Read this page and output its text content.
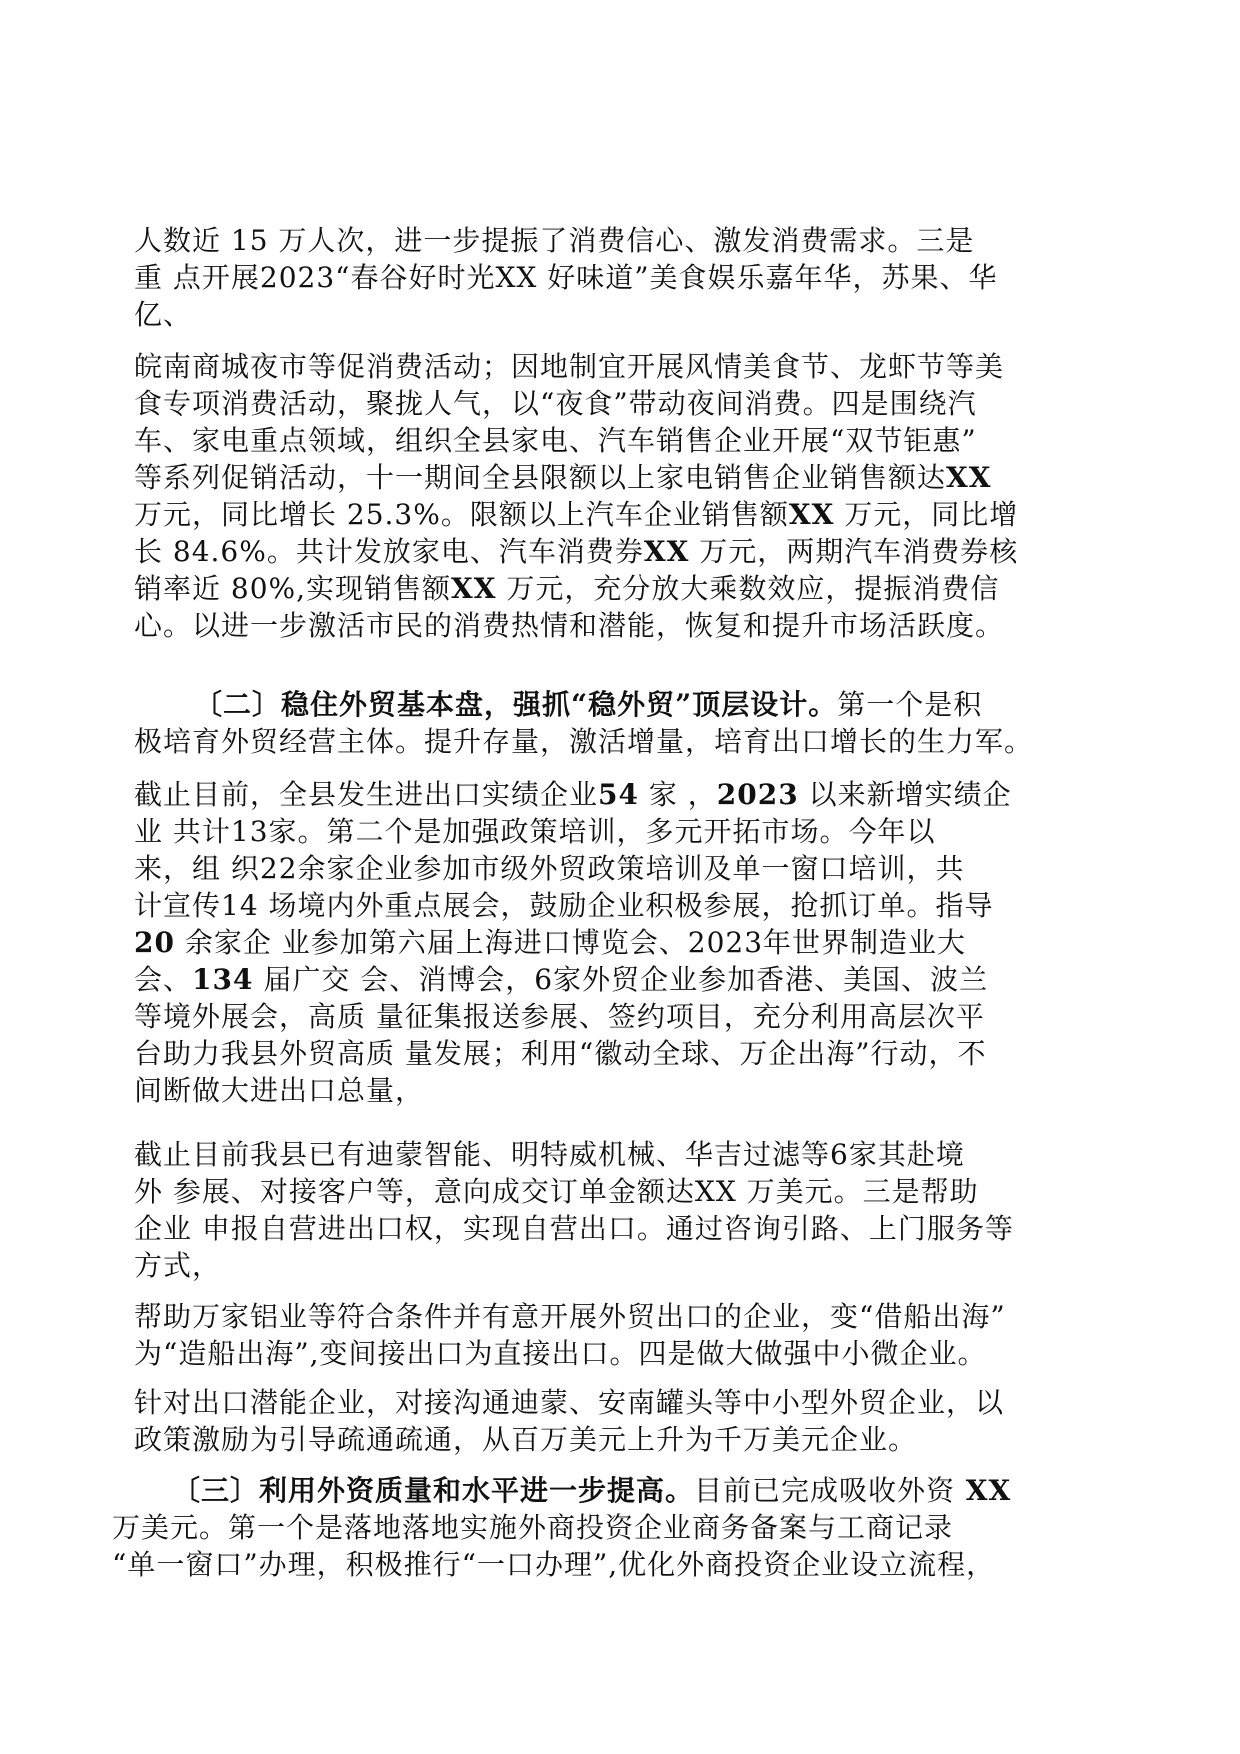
人数近 15 万人次，进一步提振了消费信心、激发消费需求。三是
重 点开展2023“春谷好时光XX 好味道”美食娱乐嘉年华，苏果、华
亿、
皖南商城夜市等促消费活动；因地制宜开展风情美食节、龙虾节等美
食专项消费活动，聚拢人气，以“夜食”带动夜间消费。四是围绕汽
车、家电重点领域，组织全县家电、汽车销售企业开展“双节钜惠”
等系列促销活动，十一期间全县限额以上家电销售企业销售额达XX
万元，同比增长 25.3%。限额以上汽车企业销售额XX 万元，同比增
长 84.6%。共计发放家电、汽车消费券XX 万元，两期汽车消费券核
销率近 80%,实现销售额XX 万元，充分放大乘数效应，提振消费信
心。以进一步激活市民的消费热情和潜能，恢复和提升市场活跃度。
〔二〕稳住外贸基本盘，强抓“稳外贸”顶层设计。第一个是积
极培育外贸经营主体。提升存量，激活增量，培育出口增长的生力军。
截止目前，全县发生进出口实绩企业54 家 ，2023 以来新增实绩企
业 共计13家。第二个是加强政策培训，多元开拓市场。今年以
来，组 织22余家企业参加市级外贸政策培训及单一窗口培训，共
计宣传14 场境内外重点展会，鼓励企业积极参展，抢抓订单。指导
20 余家企 业参加第六届上海进口博览会、2023年世界制造业大
会、134 届广交 会、消博会，6家外贸企业参加香港、美国、波兰
等境外展会，高质 量征集报送参展、签约项目，充分利用高层次平
台助力我县外贸高质 量发展；利用“徽动全球、万企出海”行动，不
间断做大进出口总量，
截止目前我县已有迪蒙智能、明特威机械、华吉过滤等6家其赴境
外 参展、对接客户等，意向成交订单金额达XX 万美元。三是帮助
企业 申报自营进出口权，实现自营出口。通过咨询引路、上门服务等
方式，
帮助万家铝业等符合条件并有意开展外贸出口的企业，变“借船出海”
为“造船出海”,变间接出口为直接出口。四是做大做强中小微企业。
针对出口潜能企业，对接沟通迪蒙、安南罐头等中小型外贸企业，以
政策激励为引导疏通疏通，从百万美元上升为千万美元企业。
〔三〕利用外资质量和水平进一步提高。目前已完成吸收外资 XX
万美元。第一个是落地落地实施外商投资企业商务备案与工商记录
“单一窗口”办理，积极推行“一口办理”,优化外商投资企业设立流程，
